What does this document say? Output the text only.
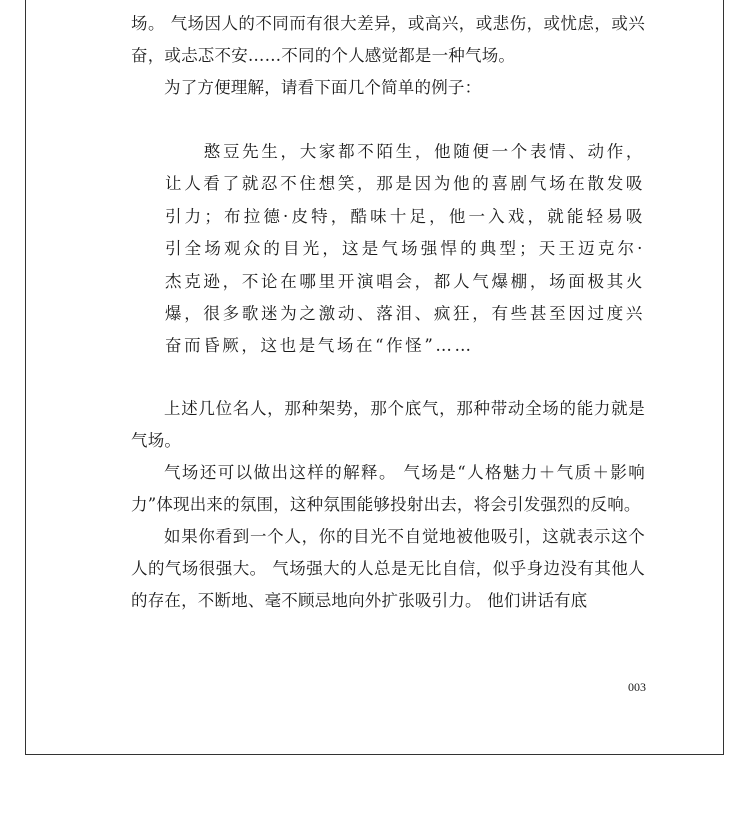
场。 气场因人的不同而有很大差异，或高兴，或悲伤，或忧虑，或兴奋，或忐忑不安……不同的个人感觉都是一种气场。

为了方便理解，请看下面几个简单的例子：

憨豆先生，大家都不陌生，他随便一个表情、动作，让人看了就忍不住想笑，那是因为他的喜剧气场在散发吸引力；布拉德·皮特，酷味十足，他一入戏，就能轻易吸引全场观众的目光，这是气场强悍的典型；天王迈克尔·杰克逊，不论在哪里开演唱会，都人气爆棚，场面极其火爆，很多歌迷为之激动、落泪、疯狂，有些甚至因过度兴奋而昏厥，这也是气场在“作怪”……

上述几位名人，那种架势，那个底气，那种带动全场的能力就是气场。

气场还可以做出这样的解释。 气场是“人格魅力＋气质＋影响力”体现出来的氛围，这种氛围能够投射出去，将会引发强烈的反响。

如果你看到一个人，你的目光不自觉地被他吸引，这就表示这个人的气场很强大。 气场强大的人总是无比自信，似乎身边没有其他人的存在，不断地、毫不顾忌地向外扩张吸引力。 他们讲话有底

003
